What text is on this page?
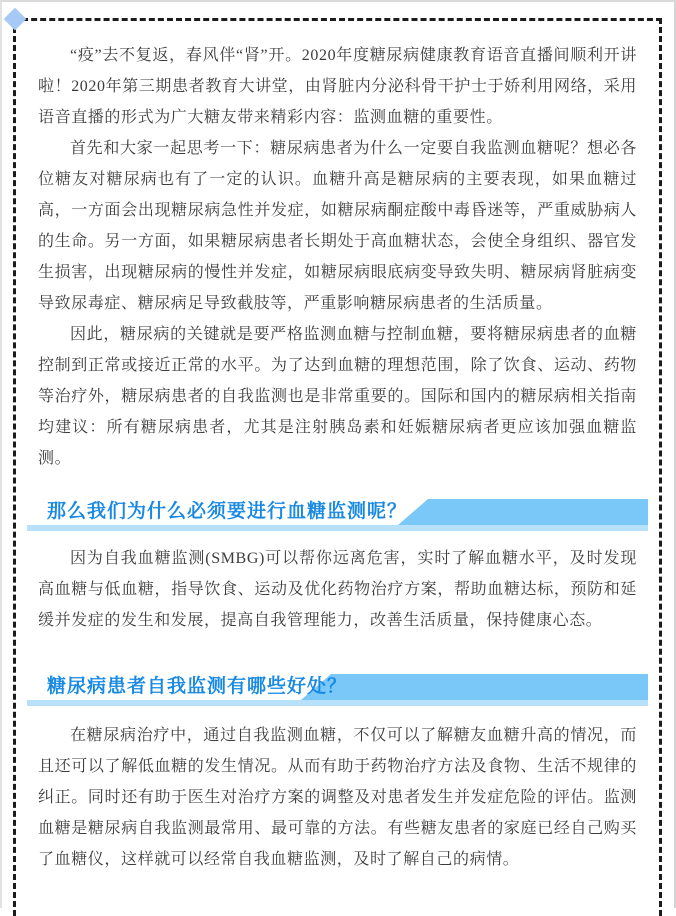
“疫”去不复返，春风伴“肾”开。2020年度糖尿病健康教育语音直播间顺利开讲啦！2020年第三期患者教育大讲堂，由肾脏内分泌科骨干护士于娇利用网络，采用语音直播的形式为广大糖友带来精彩内容：监测血糖的重要性。

首先和大家一起思考一下：糖尿病患者为什么一定要自我监测血糖呢？想必各位糖友对糖尿病也有了一定的认识。血糖升高是糖尿病的主要表现，如果血糖过高，一方面会出现糖尿病急性并发症，如糖尿病酮症酸中毒昏迷等，严重威胁病人的生命。另一方面，如果糖尿病患者长期处于高血糖状态，会使全身组织、器官发生损害，出现糖尿病的慢性并发症，如糖尿病眼底病变导致失明、糖尿病肾脏病变导致尿毒症、糖尿病足导致截肢等，严重影响糖尿病患者的生活质量。

因此，糖尿病的关键就是要严格监测血糖与控制血糖，要将糖尿病患者的血糖控制到正常或接近正常的水平。为了达到血糖的理想范围，除了饮食、运动、药物等治疗外，糖尿病患者的自我监测也是非常重要的。国际和国内的糖尿病相关指南均建议：所有糖尿病患者，尤其是注射胰岛素和妊娠糖尿病者更应该加强血糖监测。

那么我们为什么必须要进行血糖监测呢？

因为自我血糖监测(SMBG)可以帮你远离危害，实时了解血糖水平，及时发现高血糖与低血糖，指导饮食、运动及优化药物治疗方案，帮助血糖达标，预防和延缓并发症的发生和发展，提高自我管理能力，改善生活质量，保持健康心态。

糖尿病患者自我监测有哪些好处？

在糖尿病治疗中，通过自我监测血糖，不仅可以了解糖友血糖升高的情况，而且还可以了解低血糖的发生情况。从而有助于药物治疗方法及食物、生活不规律的纠正。同时还有助于医生对治疗方案的调整及对患者发生并发症危险的评估。监测血糖是糖尿病自我监测最常用、最可靠的方法。有些糖友患者的家庭已经自己购买了血糖仪，这样就可以经常自我血糖监测，及时了解自己的病情。
